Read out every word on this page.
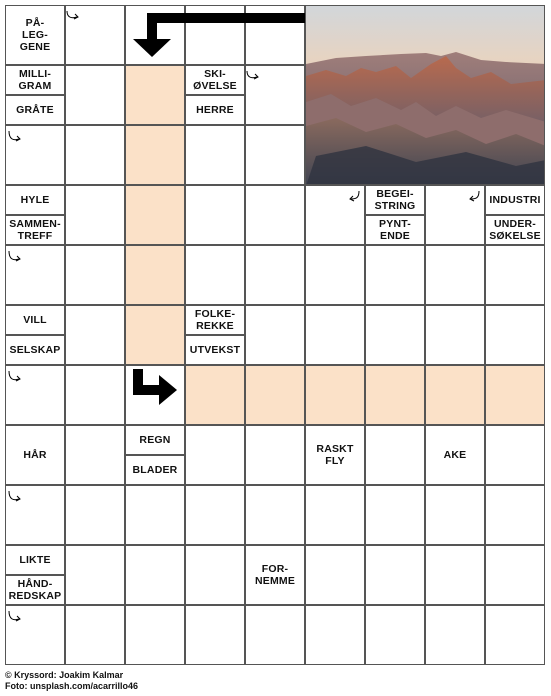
PÅ-
LEG-
GENE
MILLI-
GRAM
GRÅTE
SKI-
ØVELSE
HERRE
HYLE
SAMMEN-
TREFF
BEGEI-
STRING
PYNT-
ENDE
INDUSTRI
UNDER-
SØKELSE
VILL
SELSKAP
FOLKE-
REKKE
UTVEKST
HÅR
REGN
BLADER
RASKT
FLY	AKE
LIKTE
HÅND-
REDSKAP
FOR-
NEMME
© Kryssord: Joakim Kalmar
Foto: unsplash.com/acarrillo46
